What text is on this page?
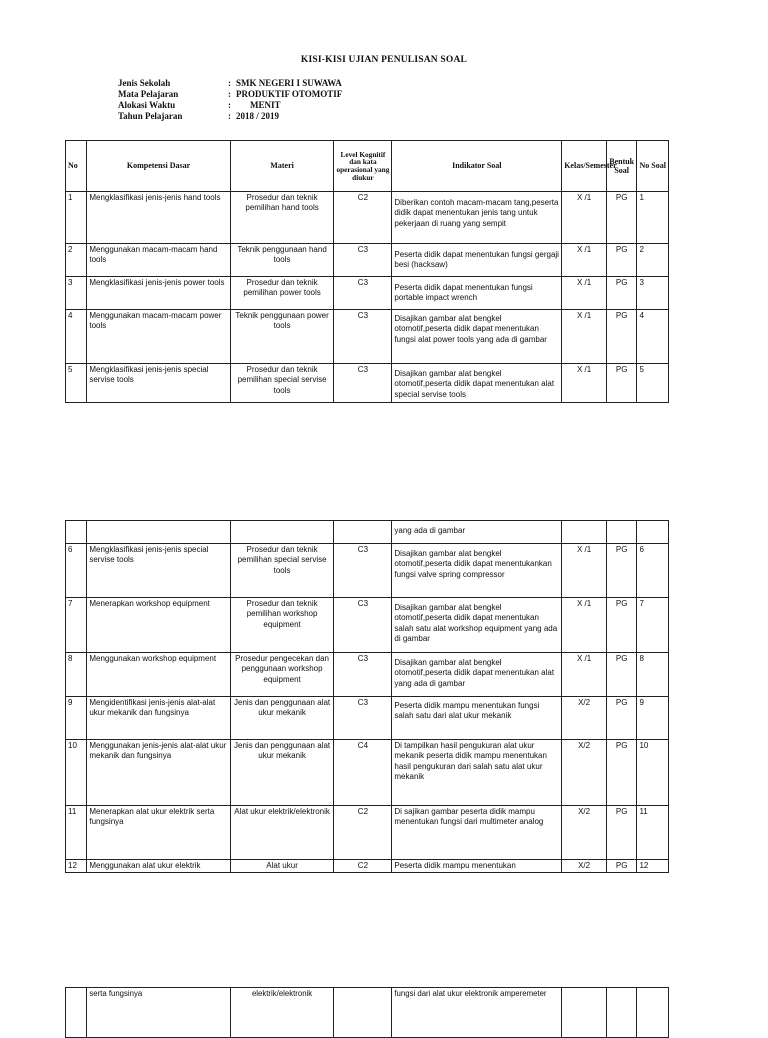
KISI-KISI UJIAN PENULISAN SOAL
Jenis Sekolah	: SMK NEGERI I SUWAWA
Mata Pelajaran	: PRODUKTIF OTOMOTIF
Alokasi Waktu	: MENIT
Tahun Pelajaran	: 2018 / 2019
No	Kompetensi Dasar	Materi	Level Kognitif dan kata operasional yang diukur	Indikator Soal	Kelas/Semester	Bentuk Soal	No Soal
1	Mengklasifikasi jenis-jenis hand tools	Prosedur dan teknik pemilihan hand tools	C2	Diberikan contoh macam-macam tang,peserta didik dapat menentukan jenis tang untuk pekerjaan di ruang yang sempit	X /1	PG	1
2	Menggunakan macam-macam hand tools	Teknik penggunaan hand tools	C3	Peserta didik dapat menentukan fungsi gergaji besi (hacksaw)	X /1	PG	2
3	Mengklasifikasi jenis-jenis power tools	Prosedur dan teknik pemilihan power tools	C3	Peserta didik dapat menentukan fungsi portable impact wrench	X /1	PG	3
4	Menggunakan macam-macam power tools	Teknik penggunaan power tools	C3	Disajikan gambar alat bengkel otomotif,peserta didik dapat menentukan fungsi alat power tools yang ada di gambar	X /1	PG	4
5	Mengklasifikasi jenis-jenis special servise tools	Prosedur dan teknik pemilihan special servise tools	C3	Disajikan gambar alat bengkel otomotif,peserta didik dapat menentukan alat special servise tools	X /1	PG	5
				yang ada di gambar			
6	Mengklasifikasi jenis-jenis special servise tools	Prosedur dan teknik pemilihan special servise tools	C3	Disajikan gambar alat bengkel otomotif,peserta didik dapat menentukankan fungsi valve spring compressor	X /1	PG	6
7	Menerapkan workshop equipment	Prosedur dan teknik pemilihan workshop equipment	C3	Disajikan gambar alat bengkel otomotif,peserta didik dapat menentukan salah satu alat workshop equipment yang ada di gambar	X /1	PG	7
8	Menggunakan workshop equipment	Prosedur pengecekan dan penggunaan workshop equipment	C3	Disajikan gambar alat bengkel otomotif,peserta didik dapat menentukan alat yang ada di gambar	X /1	PG	8
9	Mengidentifikasi jenis-jenis alat-alat ukur mekanik dan fungsinya	Jenis dan penggunaan alat ukur mekanik	C3	Peserta didik mampu menentukan fungsi salah satu dari alat ukur mekanik	X/2	PG	9
10	Menggunakan jenis-jenis alat-alat ukur mekanik dan fungsinya	Jenis dan penggunaan alat ukur mekanik	C4	Di tampilkan hasil pengukuran alat ukur mekanik peserta didik mampu menentukan hasil pengukuran dari salah satu alat ukur mekanik	X/2	PG	10
11	Menerapkan alat ukur elektrik serta fungsinya	Alat ukur elektrik/elektronik	C2	Di sajikan gambar peserta didik mampu menentukan fungsi dari multimeter analog	X/2	PG	11
12	Menggunakan alat ukur elektrik	Alat ukur	C2	Peserta didik mampu menentukan	X/2	PG	12
	serta fungsinya	elektrik/elektronik		fungsi dari alat ukur elektronik amperemeter			
